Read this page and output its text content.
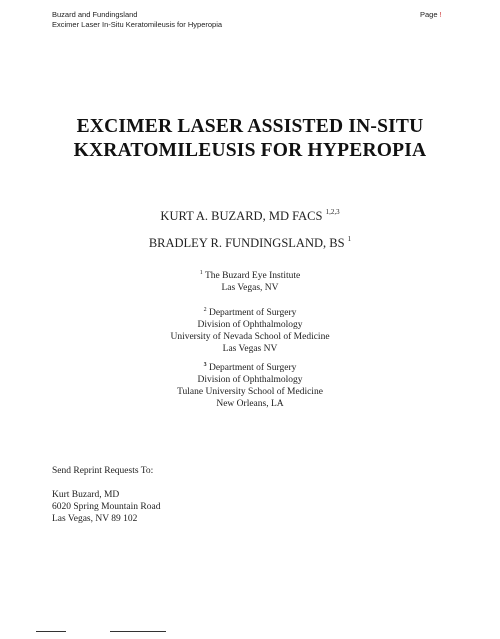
Buzard and Fundingsland
Excimer Laser In-Situ Keratomileusis for Hyperopia
Page !
EXCIMER LASER ASSISTED IN-SITU
KXRATOMILEUSIS FOR HYPEROPIA
KURT A. BUZARD, MD FACS $^{1,2,3}$
BRADLEY R. FUNDINGSLAND, BS $^1$
$^1$ The Buzard Eye Institute
Las Vegas, NV
$^2$ Department of Surgery
Division of Ophthalmology
University of Nevada School of Medicine
Las Vegas NV
$^3$ Department of Surgery
Division of Ophthalmology
Tulane University School of Medicine
New Orleans, LA
Send Reprint Requests To:
Kurt Buzard, MD
6020 Spring Mountain Road
Las Vegas, NV 89 102
